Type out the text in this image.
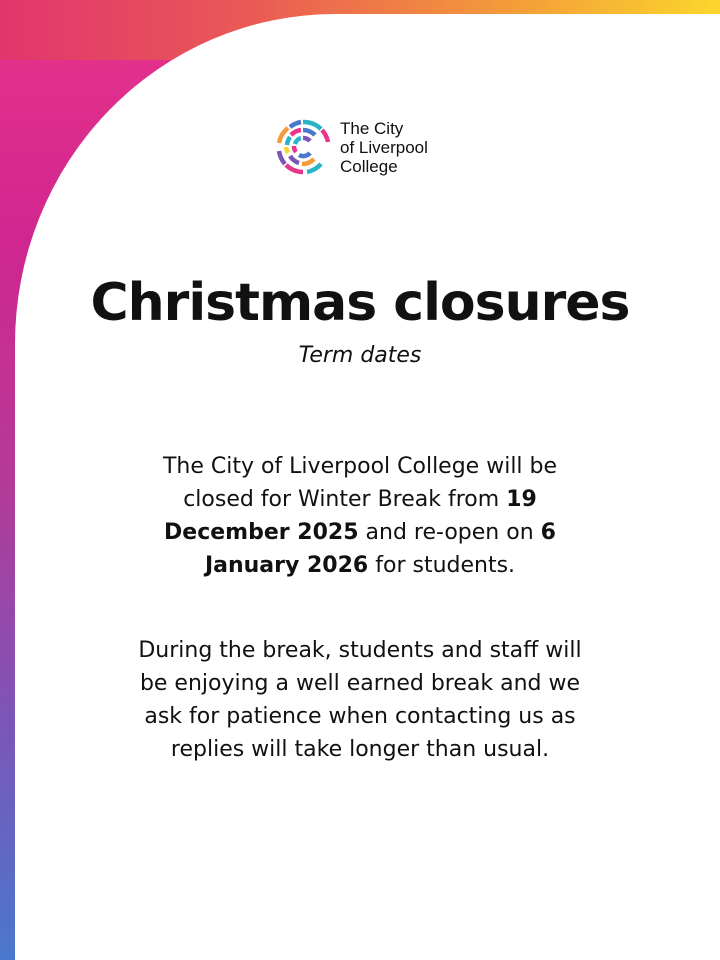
The City
of Liverpool
College
Christmas closures
Term dates
The City of Liverpool College will be closed for Winter Break from 19 December 2025 and re-open on 6 January 2026 for students.
During the break, students and staff will be enjoying a well earned break and we ask for patience when contacting us as replies will take longer than usual.
